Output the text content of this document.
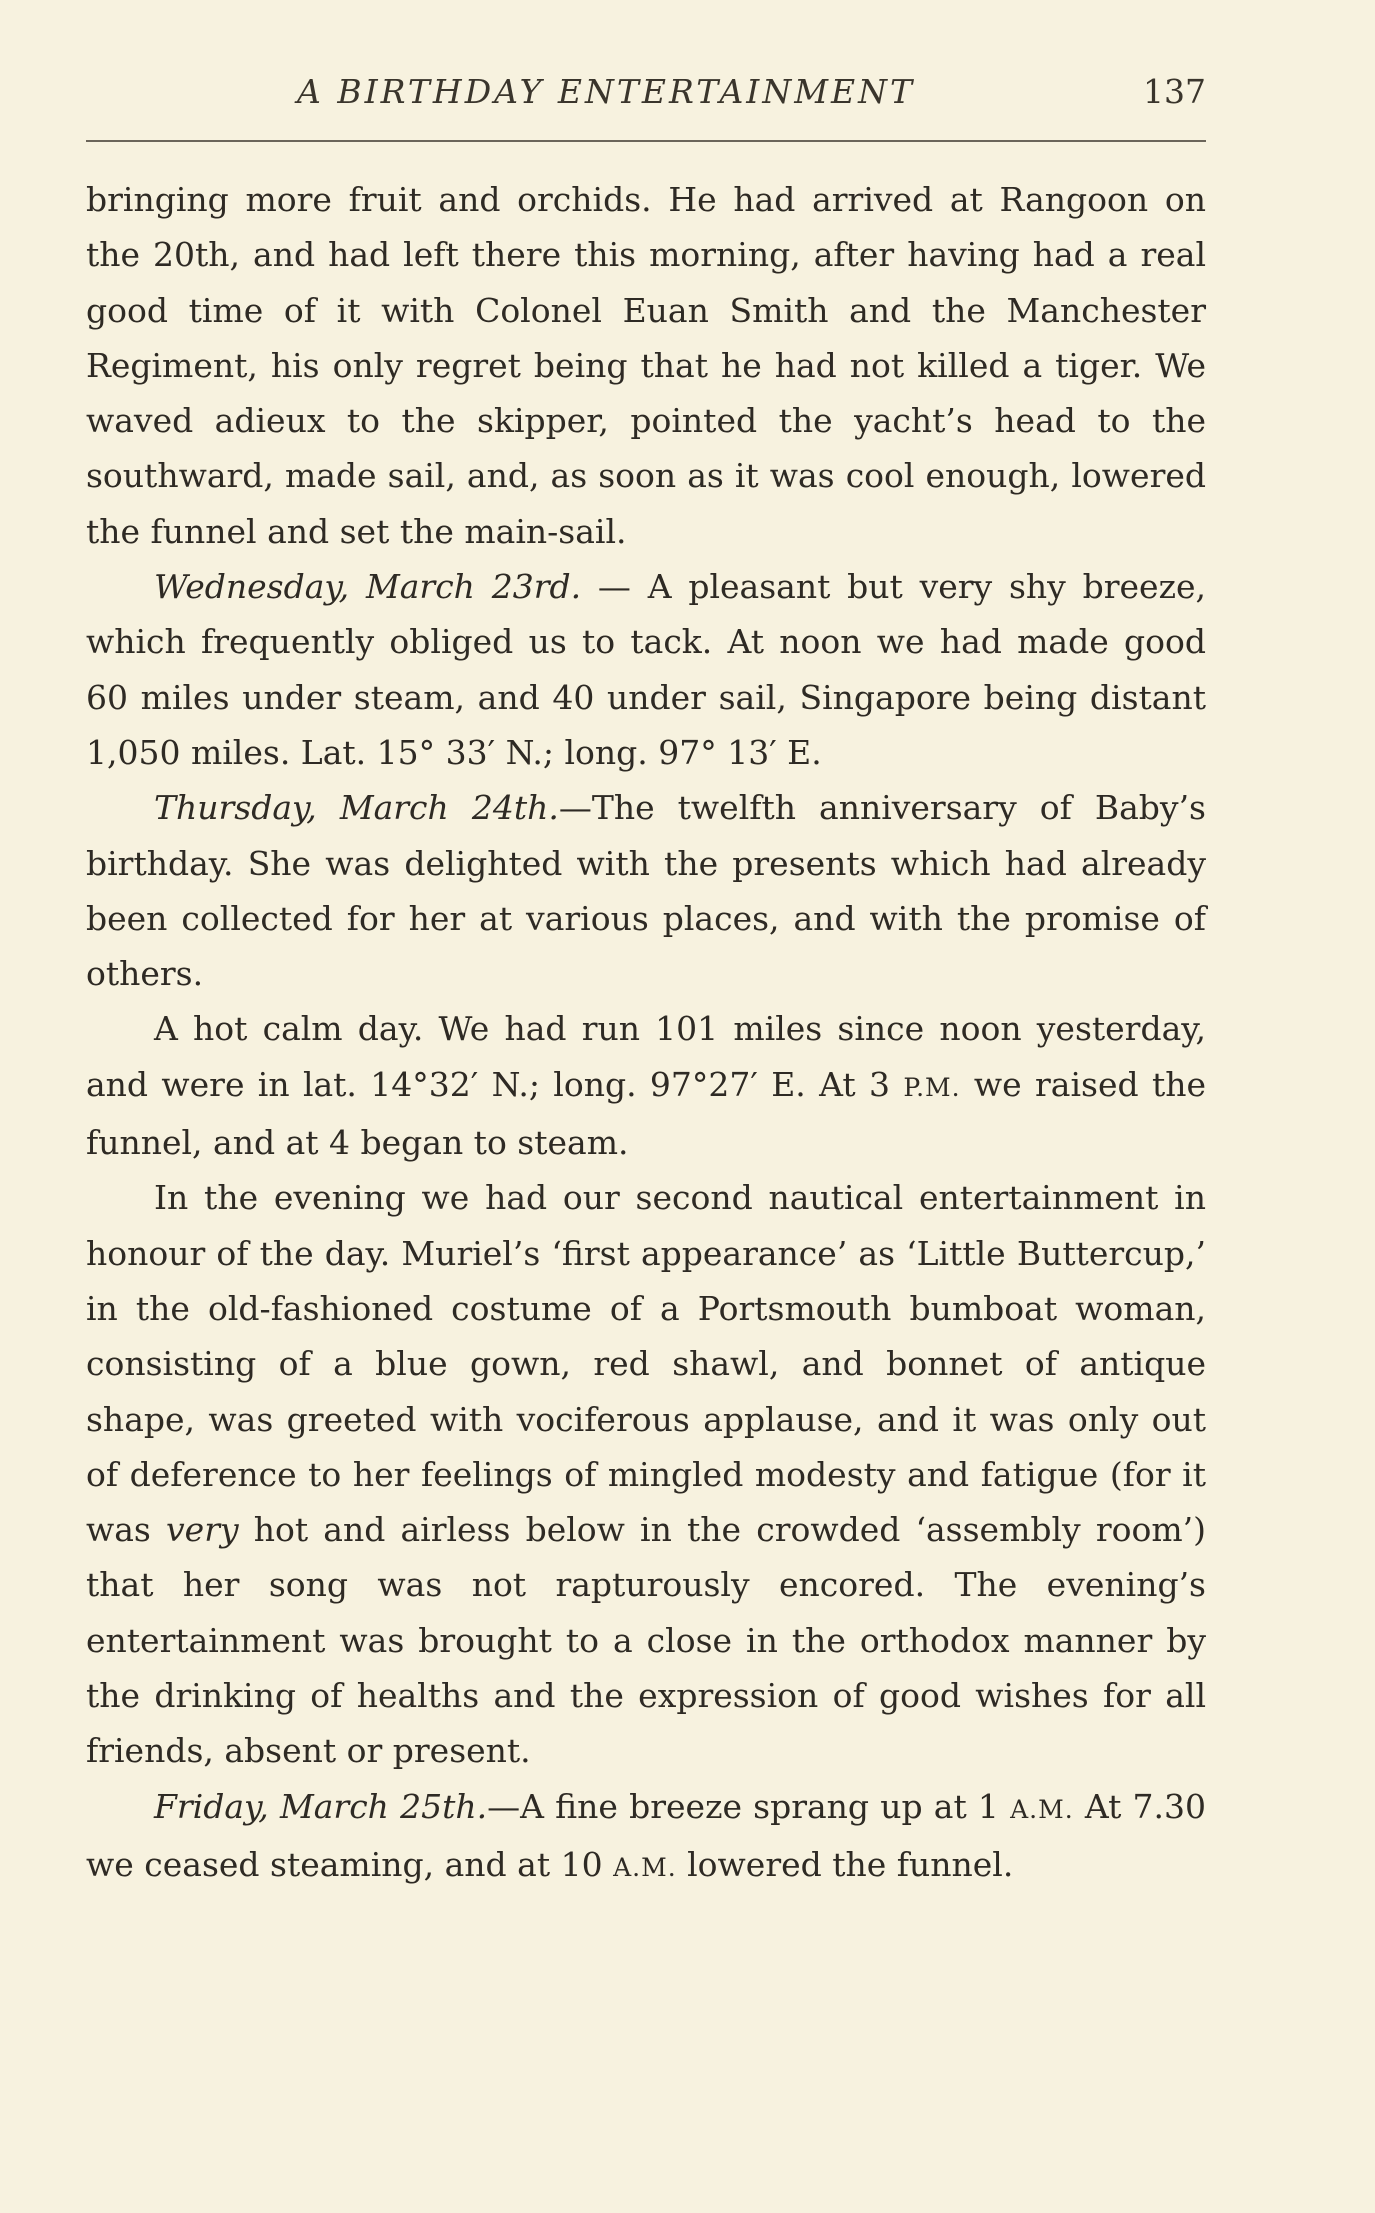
A BIRTHDAY ENTERTAINMENT	137

bringing more fruit and orchids. He had arrived at Rangoon on the 20th, and had left there this morning, after having had a real good time of it with Colonel Euan Smith and the Manchester Regiment, his only regret being that he had not killed a tiger. We waved adieux to the skipper, pointed the yacht’s head to the southward, made sail, and, as soon as it was cool enough, lowered the funnel and set the main-sail.

Wednesday, March 23rd. — A pleasant but very shy breeze, which frequently obliged us to tack. At noon we had made good 60 miles under steam, and 40 under sail, Singapore being distant 1,050 miles. Lat. 15° 33′ N.; long. 97° 13′ E.

Thursday, March 24th.—The twelfth anniversary of Baby’s birthday. She was delighted with the presents which had already been collected for her at various places, and with the promise of others.

A hot calm day. We had run 101 miles since noon yesterday, and were in lat. 14°32′ N.; long. 97°27′ E. At 3 P.M. we raised the funnel, and at 4 began to steam.

In the evening we had our second nautical entertainment in honour of the day. Muriel’s ‘first appearance’ as ‘Little Buttercup,’ in the old-fashioned costume of a Portsmouth bumboat woman, consisting of a blue gown, red shawl, and bonnet of antique shape, was greeted with vociferous applause, and it was only out of deference to her feelings of mingled modesty and fatigue (for it was very hot and airless below in the crowded ‘assembly room’) that her song was not rapturously encored. The evening’s entertainment was brought to a close in the orthodox manner by the drinking of healths and the expression of good wishes for all friends, absent or present.

Friday, March 25th.—A fine breeze sprang up at 1 A.M. At 7.30 we ceased steaming, and at 10 A.M. lowered the funnel.
